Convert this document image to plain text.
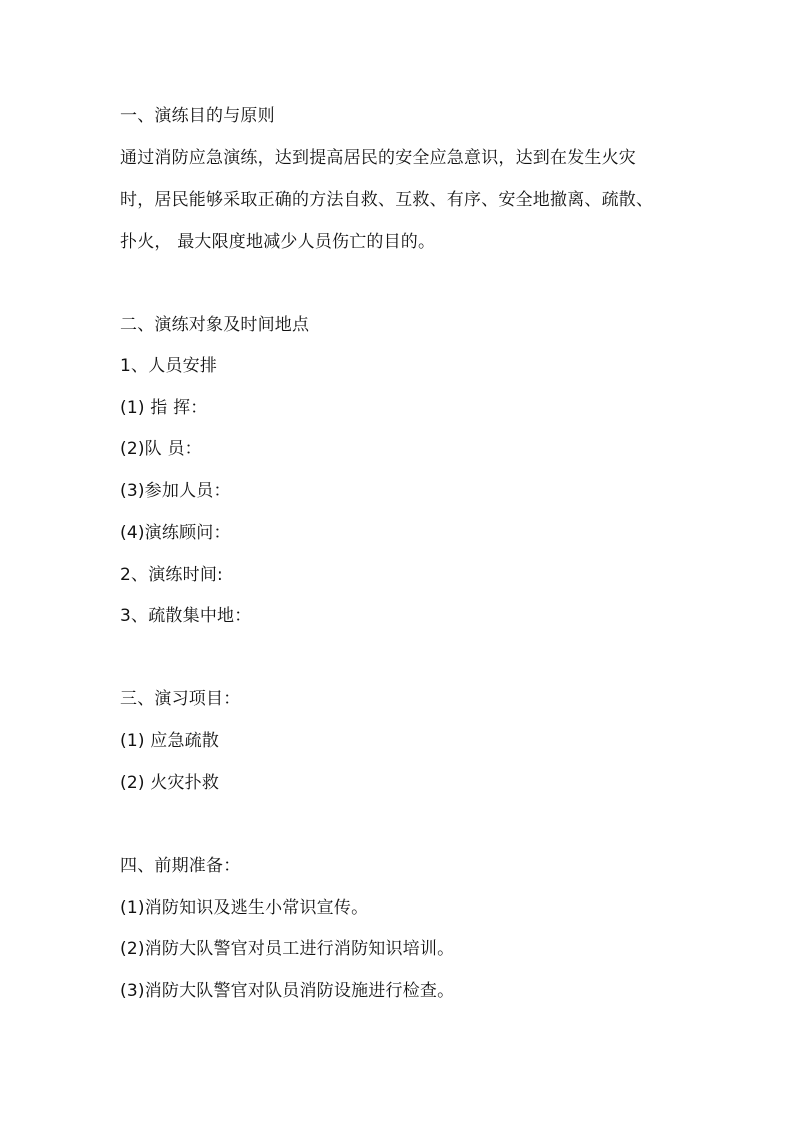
一、演练目的与原则
通过消防应急演练，达到提高居民的安全应急意识，达到在发生火灾
时，居民能够采取正确的方法自救、互救、有序、安全地撤离、疏散、
扑火， 最大限度地减少人员伤亡的目的。
二、演练对象及时间地点
1、人员安排
(1) 指 挥：
(2)队 员：
(3)参加人员：
(4)演练顾问：
2、演练时间:
3、疏散集中地：
三、演习项目：
(1) 应急疏散
(2) 火灾扑救
四、前期准备：
(1)消防知识及逃生小常识宣传。
(2)消防大队警官对员工进行消防知识培训。
(3)消防大队警官对队员消防设施进行检查。
